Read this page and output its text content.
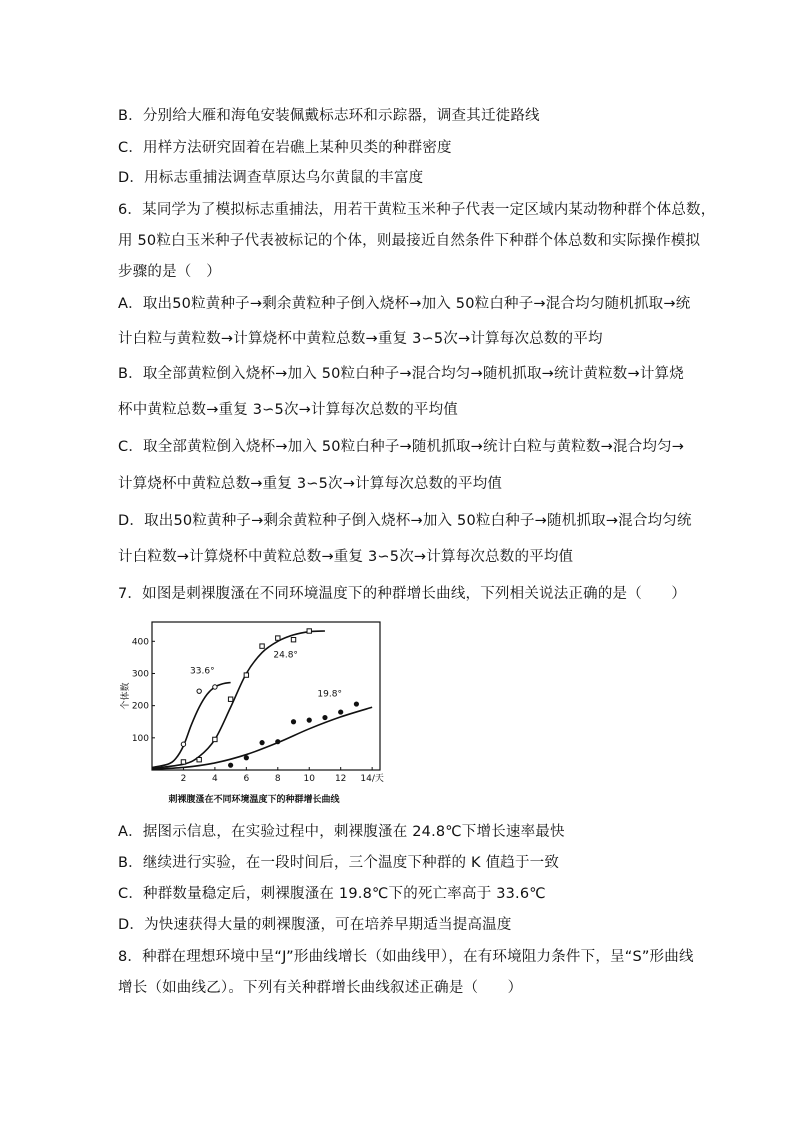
B．分别给大雁和海龟安装佩戴标志环和示踪器，调查其迁徙路线
C．用样方法研究固着在岩礁上某种贝类的种群密度
D．用标志重捕法调查草原达乌尔黄鼠的丰富度
6．某同学为了模拟标志重捕法，用若干黄粒玉米种子代表一定区域内某动物种群个体总数，
用 50粒白玉米种子代表被标记的个体，则最接近自然条件下种群个体总数和实际操作模拟
步骤的是（　）
A．取出50粒黄种子→剩余黄粒种子倒入烧杯→加入 50粒白种子→混合均匀随机抓取→统
计白粒与黄粒数→计算烧杯中黄粒总数→重复 3∽5次→计算每次总数的平均
B．取全部黄粒倒入烧杯→加入 50粒白种子→混合均匀→随机抓取→统计黄粒数→计算烧
杯中黄粒总数→重复 3∽5次→计算每次总数的平均值
C．取全部黄粒倒入烧杯→加入 50粒白种子→随机抓取→统计白粒与黄粒数→混合均匀→
计算烧杯中黄粒总数→重复 3∽5次→计算每次总数的平均值
D．取出50粒黄种子→剩余黄粒种子倒入烧杯→加入 50粒白种子→随机抓取→混合均匀统
计白粒数→计算烧杯中黄粒总数→重复 3∽5次→计算每次总数的平均值
7．如图是刺裸腹溞在不同环境温度下的种群增长曲线，下列相关说法正确的是（　　）
A．据图示信息，在实验过程中，刺裸腹溞在 24.8℃下增长速率最快
B．继续进行实验，在一段时间后，三个温度下种群的 K 值趋于一致
C．种群数量稳定后，刺裸腹溞在 19.8℃下的死亡率高于 33.6℃
D．为快速获得大量的刺裸腹溞，可在培养早期适当提高温度
8．种群在理想环境中呈“J”形曲线增长（如曲线甲），在有环境阻力条件下，呈“S”形曲线
增长（如曲线乙）。下列有关种群增长曲线叙述正确是（　　）
2	4	6	8	10 12 14/天
100
200
300
400
33.6°
24.8°
19.8°
个体数
刺裸腹溞在不同环境温度下的种群增长曲线
